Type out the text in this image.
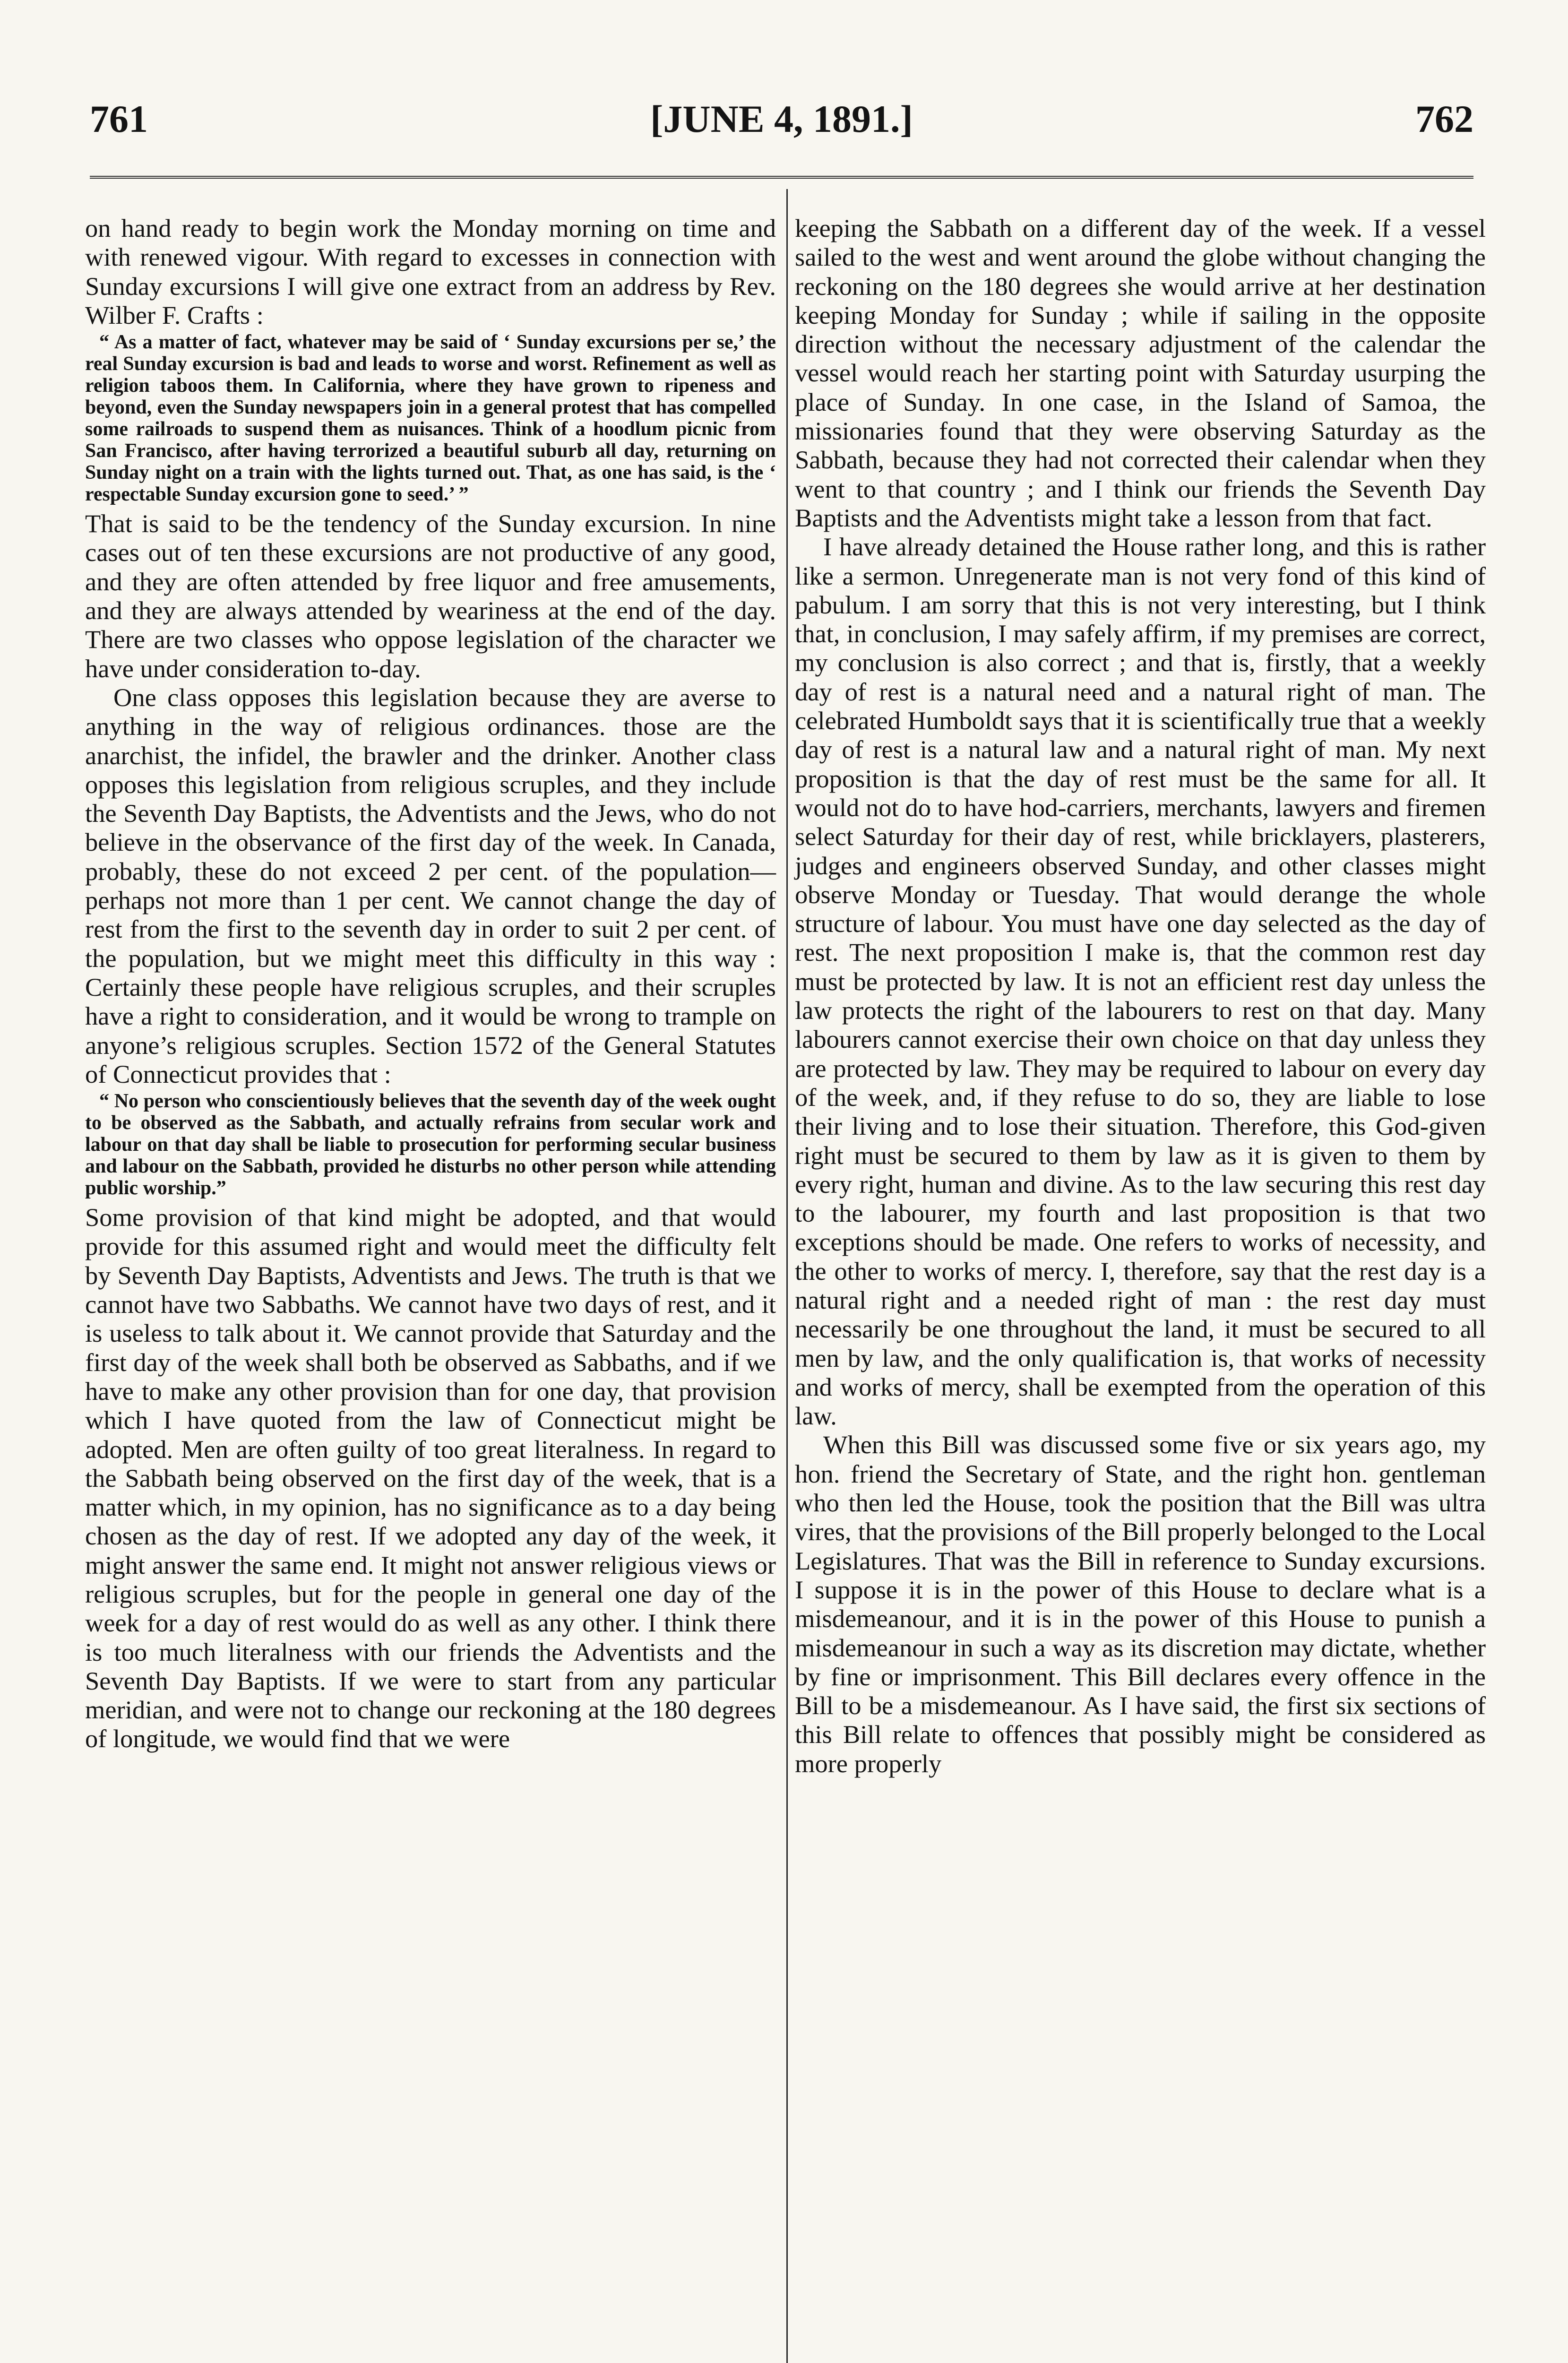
761	[JUNE 4, 1891.]	762

on hand ready to begin work the Monday morning on time and with renewed vigour. With regard to excesses in connection with Sunday excursions I will give one extract from an address by Rev. Wilber F. Crafts :

“ As a matter of fact, whatever may be said of ‘ Sunday excursions per se,’ the real Sunday excursion is bad and leads to worse and worst. Refinement as well as religion taboos them. In California, where they have grown to ripeness and beyond, even the Sunday newspapers join in a general protest that has compelled some railroads to suspend them as nuisances. Think of a hoodlum picnic from San Francisco, after having terrorized a beautiful suburb all day, returning on Sunday night on a train with the lights turned out. That, as one has said, is the ‘ respectable Sunday excursion gone to seed.’ ”

That is said to be the tendency of the Sunday excursion. In nine cases out of ten these excursions are not productive of any good, and they are often attended by free liquor and free amusements, and they are always attended by weariness at the end of the day. There are two classes who oppose legislation of the character we have under consideration to-day.

One class opposes this legislation because they are averse to anything in the way of religious ordinances. those are the anarchist, the infidel, the brawler and the drinker. Another class opposes this legislation from religious scruples, and they include the Seventh Day Baptists, the Adventists and the Jews, who do not believe in the observance of the first day of the week. In Canada, probably, these do not exceed 2 per cent. of the population—perhaps not more than 1 per cent. We cannot change the day of rest from the first to the seventh day in order to suit 2 per cent. of the population, but we might meet this difficulty in this way : Certainly these people have religious scruples, and their scruples have a right to consideration, and it would be wrong to trample on anyone’s religious scruples. Section 1572 of the General Statutes of Connecticut provides that :

“ No person who conscientiously believes that the seventh day of the week ought to be observed as the Sabbath, and actually refrains from secular work and labour on that day shall be liable to prosecution for performing secular business and labour on the Sabbath, provided he disturbs no other person while attending public worship.”

Some provision of that kind might be adopted, and that would provide for this assumed right and would meet the difficulty felt by Seventh Day Baptists, Adventists and Jews. The truth is that we cannot have two Sabbaths. We cannot have two days of rest, and it is useless to talk about it. We cannot provide that Saturday and the first day of the week shall both be observed as Sabbaths, and if we have to make any other provision than for one day, that provision which I have quoted from the law of Connecticut might be adopted. Men are often guilty of too great literalness. In regard to the Sabbath being observed on the first day of the week, that is a matter which, in my opinion, has no significance as to a day being chosen as the day of rest. If we adopted any day of the week, it might answer the same end. It might not answer religious views or religious scruples, but for the people in general one day of the week for a day of rest would do as well as any other. I think there is too much literalness with our friends the Adventists and the Seventh Day Baptists. If we were to start from any particular meridian, and were not to change our reckoning at the 180 degrees of longitude, we would find that we were

keeping the Sabbath on a different day of the week. If a vessel sailed to the west and went around the globe without changing the reckoning on the 180 degrees she would arrive at her destination keeping Monday for Sunday ; while if sailing in the opposite direction without the necessary adjustment of the calendar the vessel would reach her starting point with Saturday usurping the place of Sunday. In one case, in the Island of Samoa, the missionaries found that they were observing Saturday as the Sabbath, because they had not corrected their calendar when they went to that country ; and I think our friends the Seventh Day Baptists and the Adventists might take a lesson from that fact.

I have already detained the House rather long, and this is rather like a sermon. Unregenerate man is not very fond of this kind of pabulum. I am sorry that this is not very interesting, but I think that, in conclusion, I may safely affirm, if my premises are correct, my conclusion is also correct ; and that is, firstly, that a weekly day of rest is a natural need and a natural right of man. The celebrated Humboldt says that it is scientifically true that a weekly day of rest is a natural law and a natural right of man. My next proposition is that the day of rest must be the same for all. It would not do to have hod-carriers, merchants, lawyers and firemen select Saturday for their day of rest, while bricklayers, plasterers, judges and engineers observed Sunday, and other classes might observe Monday or Tuesday. That would derange the whole structure of labour. You must have one day selected as the day of rest. The next proposition I make is, that the common rest day must be protected by law. It is not an efficient rest day unless the law protects the right of the labourers to rest on that day. Many labourers cannot exercise their own choice on that day unless they are protected by law. They may be required to labour on every day of the week, and, if they refuse to do so, they are liable to lose their living and to lose their situation. Therefore, this God-given right must be secured to them by law as it is given to them by every right, human and divine. As to the law securing this rest day to the labourer, my fourth and last proposition is that two exceptions should be made. One refers to works of necessity, and the other to works of mercy. I, therefore, say that the rest day is a natural right and a needed right of man : the rest day must necessarily be one throughout the land, it must be secured to all men by law, and the only qualification is, that works of necessity and works of mercy, shall be exempted from the operation of this law.

When this Bill was discussed some five or six years ago, my hon. friend the Secretary of State, and the right hon. gentleman who then led the House, took the position that the Bill was ultra vires, that the provisions of the Bill properly belonged to the Local Legislatures. That was the Bill in reference to Sunday excursions. I suppose it is in the power of this House to declare what is a misdemeanour, and it is in the power of this House to punish a misdemeanour in such a way as its discretion may dictate, whether by fine or imprisonment. This Bill declares every offence in the Bill to be a misdemeanour. As I have said, the first six sections of this Bill relate to offences that possibly might be considered as more properly
